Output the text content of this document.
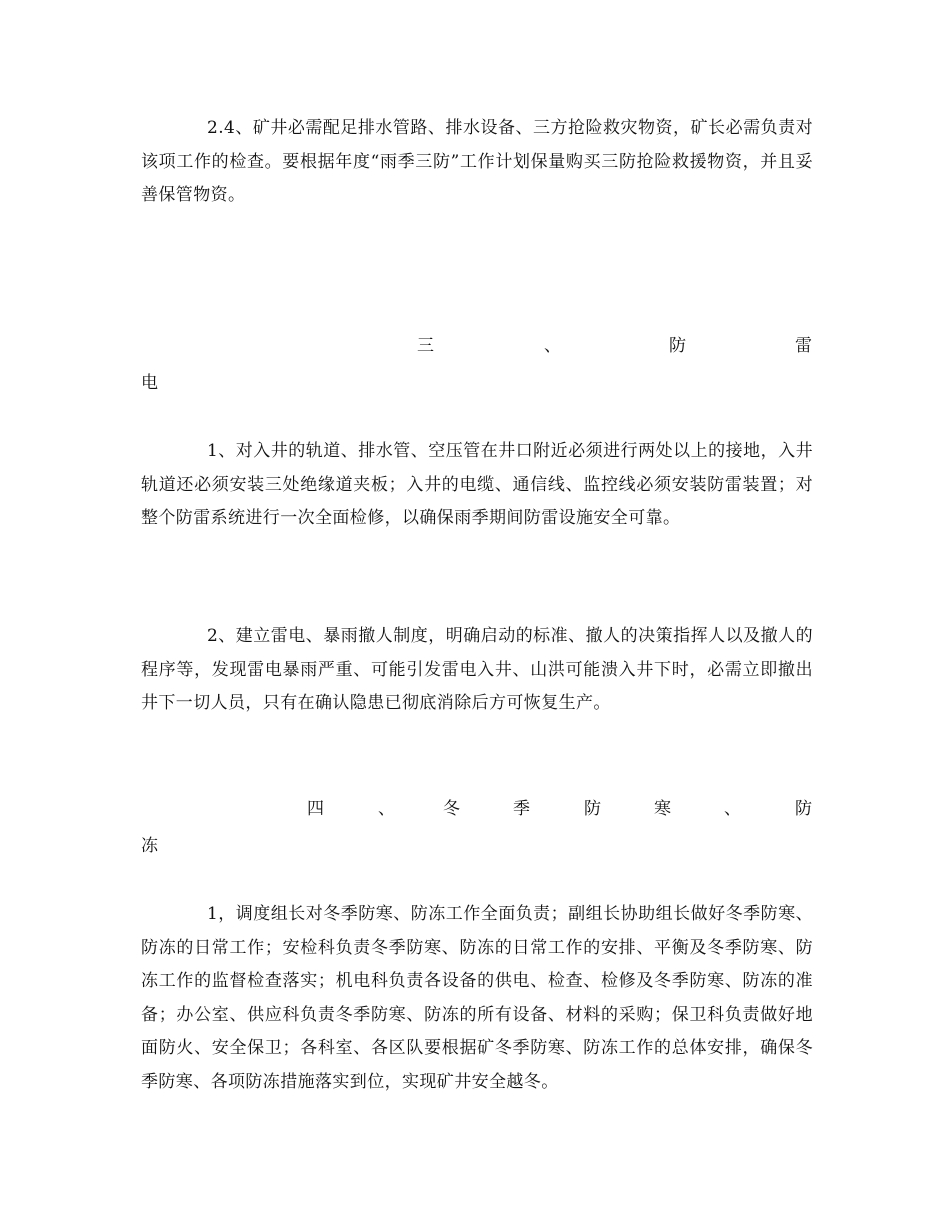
2.4、矿井必需配足排水管路、排水设备、三方抢险救灾物资，矿长必需负责对该项工作的检查。要根据年度“雨季三防”工作计划保量购买三防抢险救援物资，并且妥善保管物资。

三	、	防	雷
电

1、对入井的轨道、排水管、空压管在井口附近必须进行两处以上的接地，入井轨道还必须安装三处绝缘道夹板；入井的电缆、通信线、监控线必须安装防雷装置；对整个防雷系统进行一次全面检修，以确保雨季期间防雷设施安全可靠。

2、建立雷电、暴雨撤人制度，明确启动的标准、撤人的决策指挥人以及撤人的程序等，发现雷电暴雨严重、可能引发雷电入井、山洪可能溃入井下时，必需立即撤出井下一切人员，只有在确认隐患已彻底消除后方可恢复生产。

四	、	冬	季	防	寒	、	防
冻

1，调度组长对冬季防寒、防冻工作全面负责；副组长协助组长做好冬季防寒、防冻的日常工作；安检科负责冬季防寒、防冻的日常工作的安排、平衡及冬季防寒、防冻工作的监督检查落实；机电科负责各设备的供电、检查、检修及冬季防寒、防冻的准备；办公室、供应科负责冬季防寒、防冻的所有设备、材料的采购；保卫科负责做好地面防火、安全保卫；各科室、各区队要根据矿冬季防寒、防冻工作的总体安排，确保冬季防寒、各项防冻措施落实到位，实现矿井安全越冬。
